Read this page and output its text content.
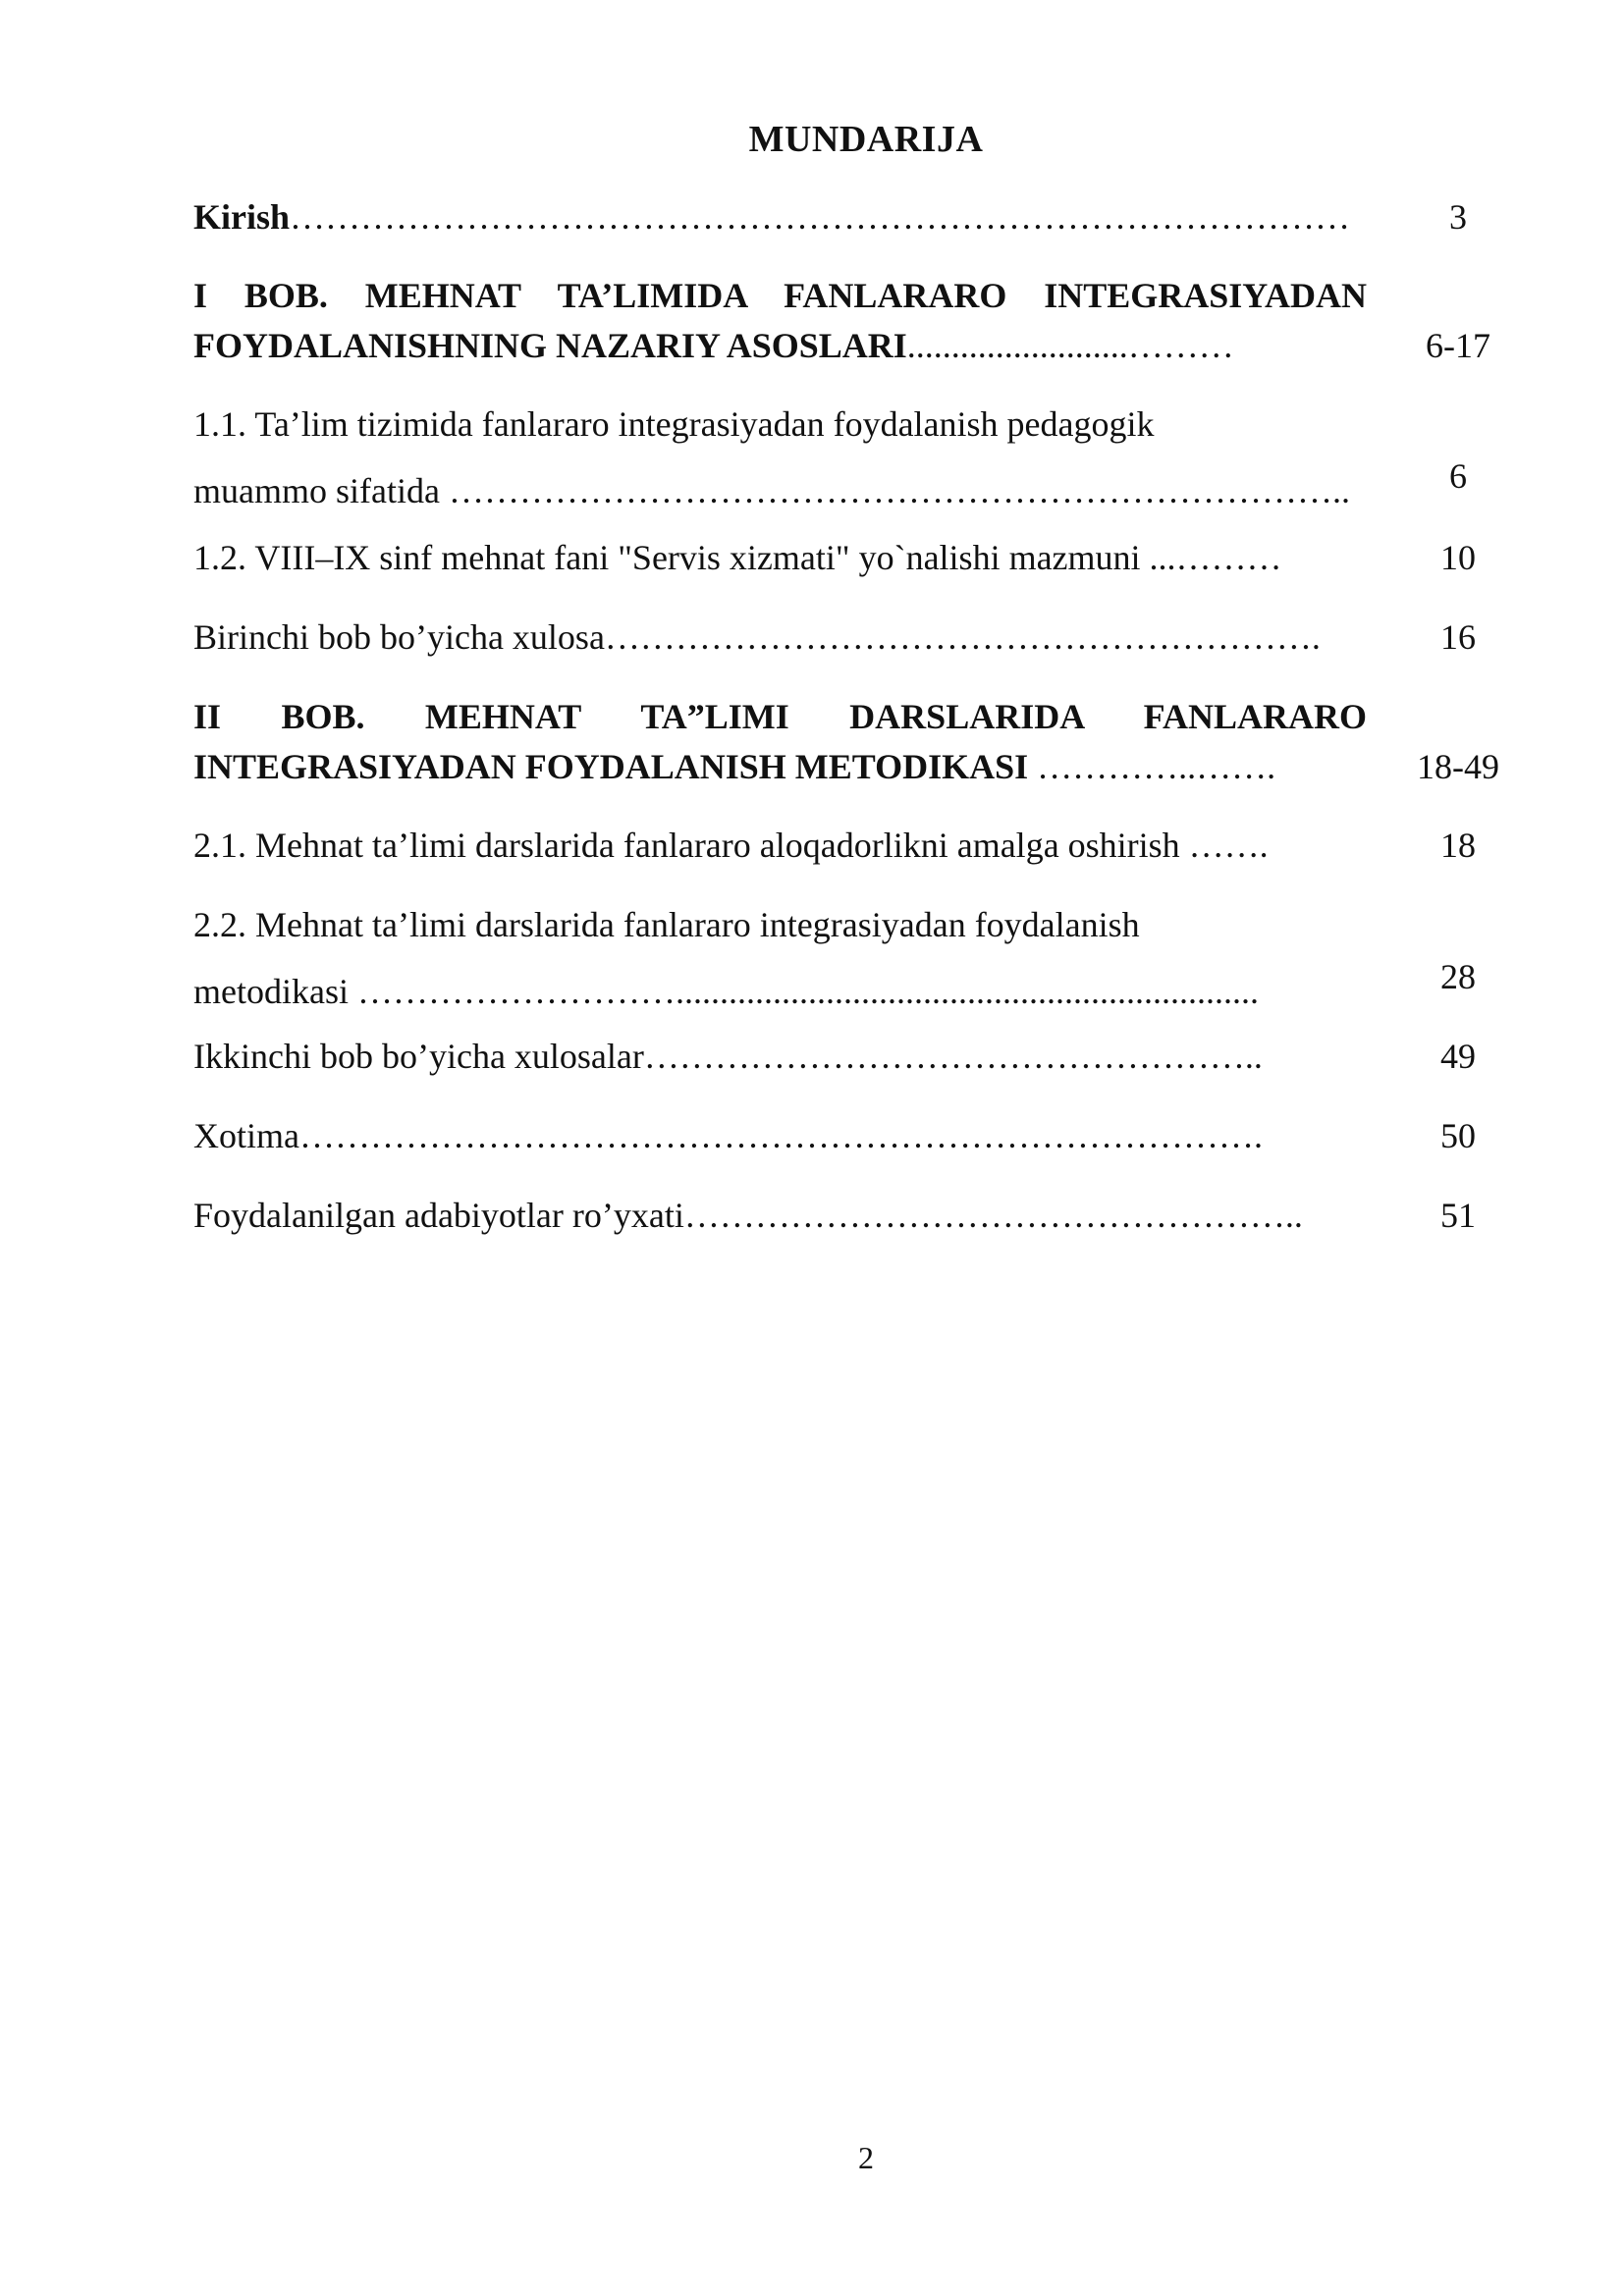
MUNDARIJA

Kirish………………………………………………………………………………	3

I BOB. MEHNAT TA’LIMIDA FANLARARO INTEGRASIYADAN
FOYDALANISHNING NAZARIY ASOSLARI.........................………	6-17

1.1. Ta’lim tizimida fanlararo integrasiyadan foydalanish pedagogik
muammo sifatida …………………………………………………………………..	6

1.2. VIII–IX sinf mehnat fani "Servis xizmati" yo`nalishi mazmuni ...………	10

Birinchi bob bo’yicha xulosa…………………………………………………….	16

II BOB. MEHNAT TA”LIMI DARSLARIDA FANLARARO
INTEGRASIYADAN FOYDALANISH METODIKASI …………..…….	18-49

2.1. Mehnat ta’limi darslarida fanlararo aloqadorlikni amalga oshirish …….	18

2.2. Mehnat ta’limi darslarida fanlararo integrasiyadan foydalanish
metodikasi ………………………..................................................................	28

Ikkinchi bob bo’yicha xulosalar……………………………………………..	49

Xotima……………………………………………………………………….	50

Foydalanilgan adabiyotlar ro’yxati……………………………………………..	51

2
